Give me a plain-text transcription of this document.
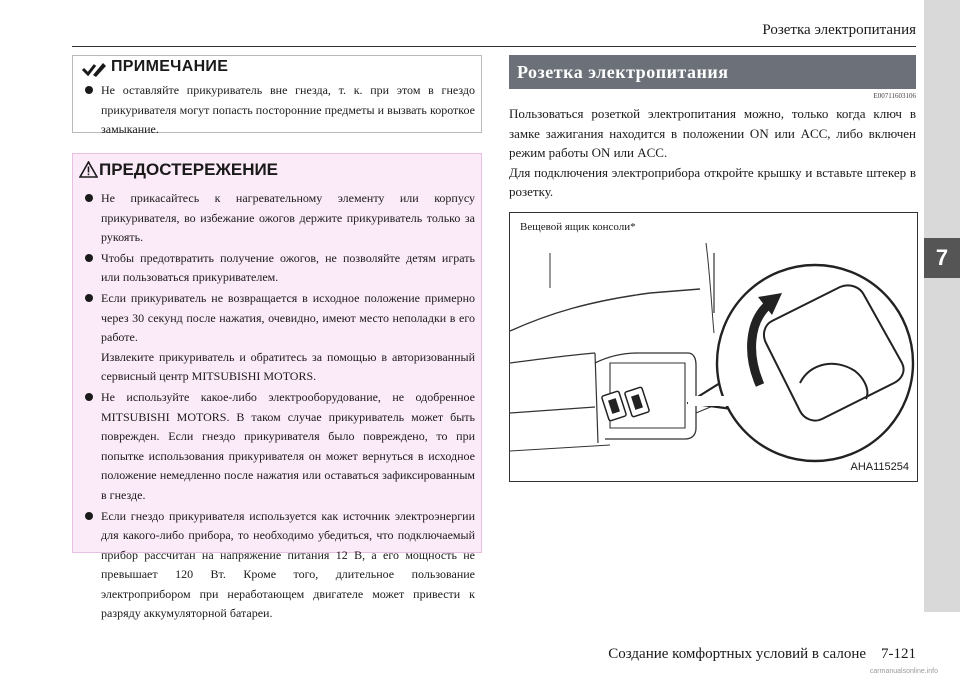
Розетка электропитания
7
ПРИМЕЧАНИЕ
Не оставляйте прикуриватель вне гнезда, т. к. при этом в гнездо прикуривателя могут попасть посторонние предметы и вызвать короткое замыкание.
ПРЕДОСТЕРЕЖЕНИЕ
Не прикасайтесь к нагревательному элементу или корпусу прикуривателя, во избежание ожогов держите прикуриватель только за рукоять.
Чтобы предотвратить получение ожогов, не позволяйте детям играть или пользоваться прикуривателем.
Если прикуриватель не возвращается в исходное положение примерно через 30 секунд после нажатия, очевидно, имеют место неполадки в его работе.
Извлеките прикуриватель и обратитесь за помощью в авторизованный сервисный центр MITSUBISHI MOTORS.
Не используйте какое-либо электрооборудование, не одобренное MITSUBISHI MOTORS. В таком случае прикуриватель может быть поврежден. Если гнездо прикуривателя было повреждено, то при попытке использования прикуривателя он может вернуться в исходное положение немедленно после нажатия или оставаться зафиксированным в гнезде.
Если гнездо прикуривателя используется как источник электроэнергии для какого-либо прибора, то необходимо убедиться, что подключаемый прибор рассчитан на напряжение питания 12 В, а его мощность не превышает 120 Вт. Кроме того, длительное пользование электроприбором при неработающем двигателе может привести к разряду аккумуляторной батареи.
Розетка электропитания
E00711603106

Пользоваться розеткой электропитания можно, только когда ключ в замке зажигания находится в положении ON или ACC, либо включен режим работы ON или ACC.

Для подключения электроприбора откройте крышку и вставьте штекер в розетку.

Вещевой ящик консоли*
AHA115254
Создание комфортных условий в салоне    7-121
carmanualsonline.info
